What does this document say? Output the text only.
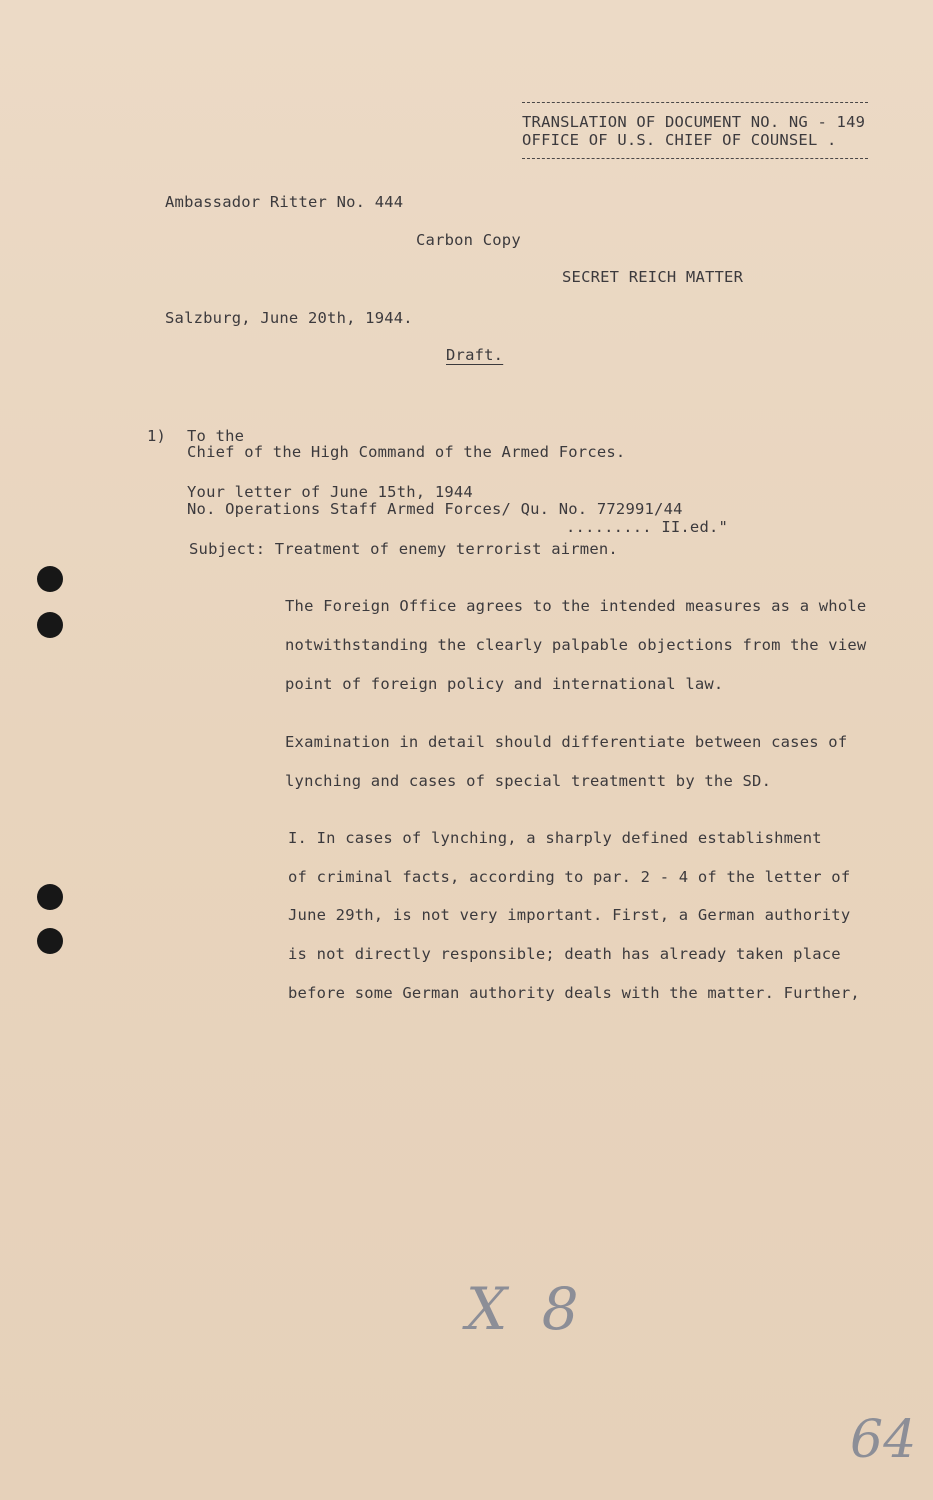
TRANSLATION OF DOCUMENT NO. NG - 149
OFFICE OF U.S. CHIEF OF COUNSEL .
Ambassador Ritter No. 444
Carbon Copy
SECRET REICH MATTER
Salzburg, June 20th, 1944.
Draft.
1) To the
Chief of the High Command of the Armed Forces.
Your letter of June 15th, 1944
No. Operations Staff Armed Forces/ Qu. No. 772991/44
......... II.ed."
Subject: Treatment of enemy terrorist airmen.
The Foreign Office agrees to the intended measures as a whole
notwithstanding the clearly palpable objections from the view
point of foreign policy and international law.
Examination in detail should differentiate between cases of
lynching and cases of special treatmentt by the SD.
I. In cases of lynching, a sharply defined establishment
of criminal facts, according to par. 2 - 4 of the letter of
June 29th, is not very important. First, a German authority
is not directly responsible; death has already taken place
before some German authority deals with the matter. Further,
X 8
64
